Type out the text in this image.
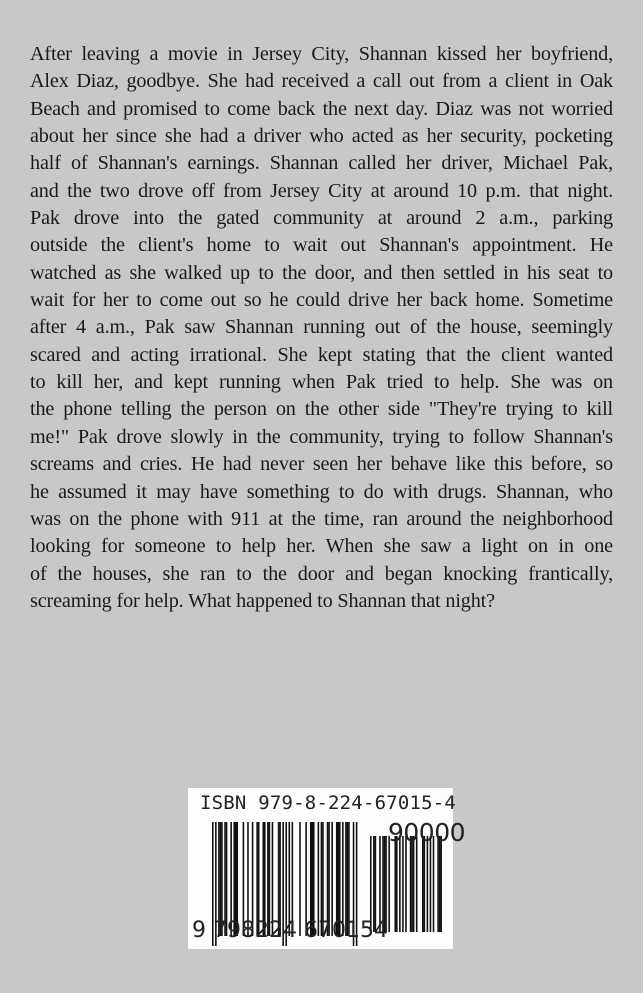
After leaving a movie in Jersey City, Shannan kissed her boyfriend,
Alex Diaz, goodbye. She had received a call out from a client in Oak
Beach and promised to come back the next day. Diaz was not worried
about her since she had a driver who acted as her security, pocketing
half of Shannan's earnings. Shannan called her driver, Michael Pak,
and the two drove off from Jersey City at around 10 p.m. that night.
Pak drove into the gated community at around 2 a.m., parking
outside the client's home to wait out Shannan's appointment. He
watched as she walked up to the door, and then settled in his seat to
wait for her to come out so he could drive her back home. Sometime
after 4 a.m., Pak saw Shannan running out of the house, seemingly
scared and acting irrational. She kept stating that the client wanted
to kill her, and kept running when Pak tried to help. She was on
the phone telling the person on the other side "They're trying to kill
me!" Pak drove slowly in the community, trying to follow Shannan's
screams and cries. He had never seen her behave like this before, so
he assumed it may have something to do with drugs. Shannan, who
was on the phone with 911 at the time, ran around the neighborhood
looking for someone to help her. When she saw a light on in one
of the houses, she ran to the door and began knocking frantically,
screaming for help. What happened to Shannan that night?
ISBN 979-8-224-67015-4
90000
9 798224 670154
